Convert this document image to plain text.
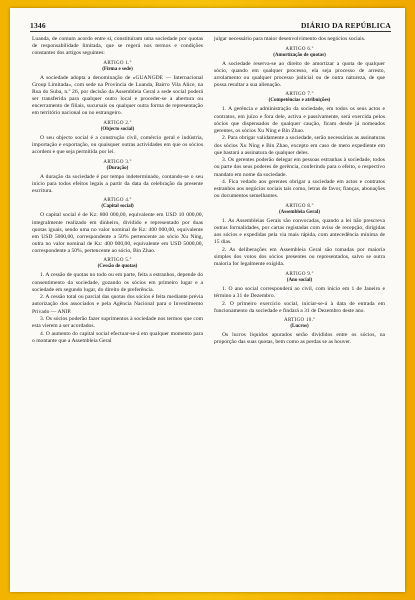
1346	DIÁRIO DA REPÚBLICA

Luanda, de comum acordo entre si, constituíram uma sociedade por quotas de responsabilidade limitada, que se regerá nos termos e condições constantes dos artigos seguintes:

ARTIGO 1.º
(Firma e sede)

A sociedade adopta a denominação de «GUANGDE — Internacional Group Limitada», com sede na Província de Luanda, Bairro Vila Alice, na Rua do Suba, n.º 26, por decisão da Assembleia Geral a sede social poderá ser transferida para qualquer outro local e proceder-se a abertura ou encerramento de filiais, sucursais ou qualquer outra forma de representação em território nacional ou no estrangeiro.

ARTIGO 2.º
(Objecto social)

O seu objecto social é a construção civil, comércio geral e indústria, importação e exportação, ou quaisquer outras actividades em que os sócios acordem e que seja permitida por lei.

ARTIGO 3.º
(Duração)

A duração da sociedade é por tempo indeterminado, contando-se o seu início para todos efeitos legais a partir da data da celebração da presente escritura.

ARTIGO 4.º
(Capital social)

O capital social é de Kz: 800 000,00, equivalente em USD 10 000,00, integralmente realizado em dinheiro, dividido e representado por duas quotas iguais, sendo uma no valor nominal de Kz: 400 000,00, equivalente em USD 5000,00, correspondente a 50% pertencente ao sócio Xu Ning, outra no valor nominal de Kz: 400 000,00, equivalente em USD 5000,00, correspondente a 50%, pertencente ao sócio, Bin Zhao.

ARTIGO 5.º
(Cessão de quotas)

1. A cessão de quotas no todo ou em parte, feita a estranhos, depende do consentimento da sociedade, gozando os sócios em primeiro lugar e a sociedade em segundo lugar, do direito de preferência.

2. A cessão total ou parcial das quotas dos sócios é feita mediante prévia autorização dos associados e pela Agência Nacional para o Investimento Privado — ANIP.

3. Os sócios poderão fazer suprimentos à sociedade nos termos que com esta vierem a ser acordados.

4. O aumento do capital social efectuar-se-á em qualquer momento para o montante que a Assembleia Geral

julgar necessário para maior desenvolvimento dos negócios sociais.

ARTIGO 6.º
(Amortização de quotas)

A sociedade reserva-se ao direito de amortizar a quota de qualquer sócio, quando em qualquer processo, ela seja processo de arresto, arrolamento ou qualquer processo judicial ou de outra natureza, de que possa resultar a sua alienação.

ARTIGO 7.º
(Competências e atribuições)

1. A gerência e administração da sociedade, em todos os seus actos e contratos, em juízo e fora dele, activa e passivamente, será exercida pelos sócios que dispensados de qualquer caução, ficam desde já nomeados gerentes, os sócios Xu Ning e Bin Zhao.

2. Para obrigar validamente a sociedade, serão necessárias as assinaturas dos sócios Xu Ning e Bin Zhao, excepto em caso de mero expediente em que bastará a assinatura de qualquer deles.

3. Os gerentes poderão delegar em pessoas estranhas à sociedade, todos ou parte dos seus poderes de gerência, conferindo para o efeito, o respectivo mandato em nome da sociedade.

4. Fica vedado aos gerentes obrigar a sociedade em actos e contratos estranhos aos negócios sociais tais como, letras de favor, fianças, abonações ou documentos semelhantes.

ARTIGO 8.º
(Assembleia Geral)

1. As Assembleias Gerais são convocadas, quando a lei não prescreva outras formalidades, por cartas registadas com aviso de recepção, dirigidas aos sócios e expedidas pela via mais rápida, com antecedência mínima de 15 dias.

2. As deliberações em Assembleia Geral são tomadas por maioria simples dos votos dos sócios presentes ou representados, salvo se outra maioria for legalmente exigida.

ARTIGO 9.º
(Ano social)

1. O ano social corresponderá ao civil, com início em 1 de Janeiro e término a 31 de Dezembro.

2. O primeiro exercício social, iniciar-se-á à data de entrada em funcionamento da sociedade e findará a 31 de Dezembro deste ano.

ARTIGO 10.º
(Lucros)

Os lucros líquidos apurados serão divididos entre os sócios, na proporção das suas quotas, bem como as perdas se as houver.
